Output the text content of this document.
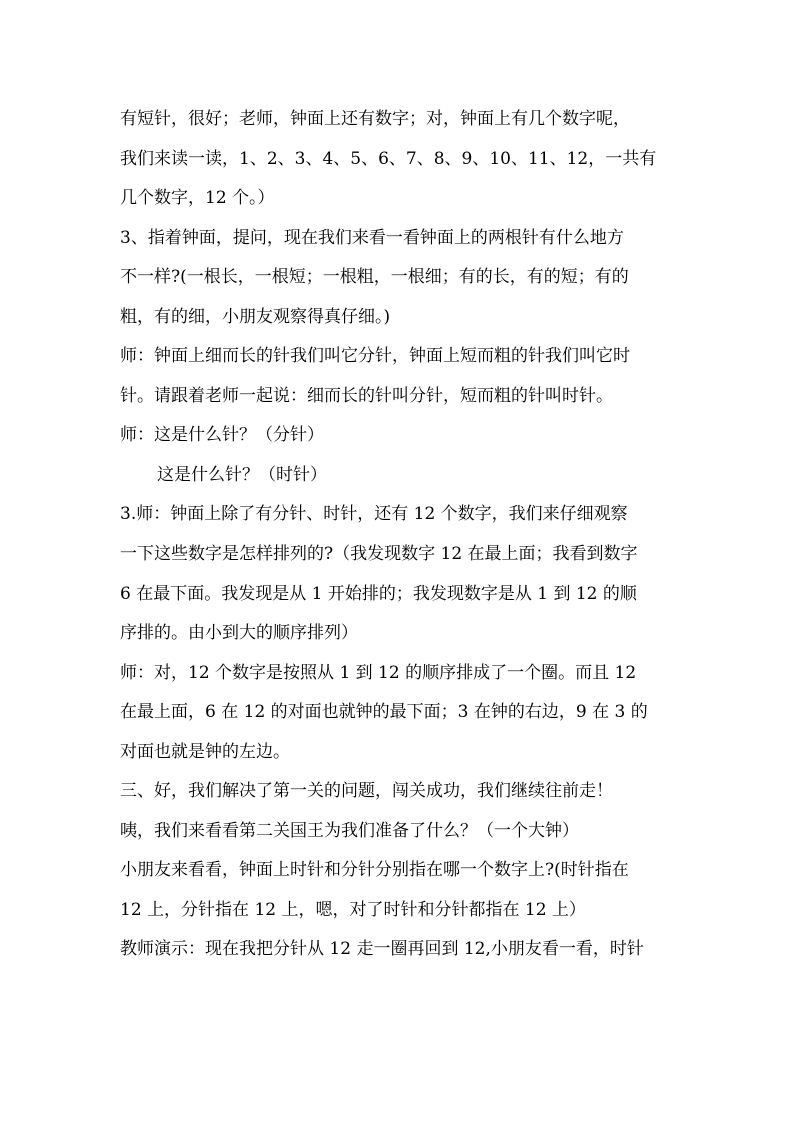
有短针，很好；老师，钟面上还有数字；对，钟面上有几个数字呢，
我们来读一读，1、2、3、4、5、6、7、8、9、10、11、12，一共有
几个数字，12 个。）
3、指着钟面，提问，现在我们来看一看钟面上的两根针有什么地方
不一样?(一根长，一根短；一根粗，一根细；有的长，有的短；有的
粗，有的细，小朋友观察得真仔细。)
师：钟面上细而长的针我们叫它分针，钟面上短而粗的针我们叫它时
针。请跟着老师一起说：细而长的针叫分针，短而粗的针叫时针。
师：这是什么针？（分针）
这是什么针？（时针）
3.师：钟面上除了有分针、时针，还有 12 个数字，我们来仔细观察
一下这些数字是怎样排列的?（我发现数字 12 在最上面；我看到数字
6 在最下面。我发现是从 1 开始排的；我发现数字是从 1 到 12 的顺
序排的。由小到大的顺序排列）
师：对，12 个数字是按照从 1 到 12 的顺序排成了一个圈。而且 12
在最上面，6 在 12 的对面也就钟的最下面；3 在钟的右边，9 在 3 的
对面也就是钟的左边。
三、好，我们解决了第一关的问题，闯关成功，我们继续往前走！
咦，我们来看看第二关国王为我们准备了什么？（一个大钟）
小朋友来看看，钟面上时针和分针分别指在哪一个数字上?(时针指在
12 上，分针指在 12 上，嗯，对了时针和分针都指在 12 上）
教师演示：现在我把分针从 12 走一圈再回到 12,小朋友看一看，时针
